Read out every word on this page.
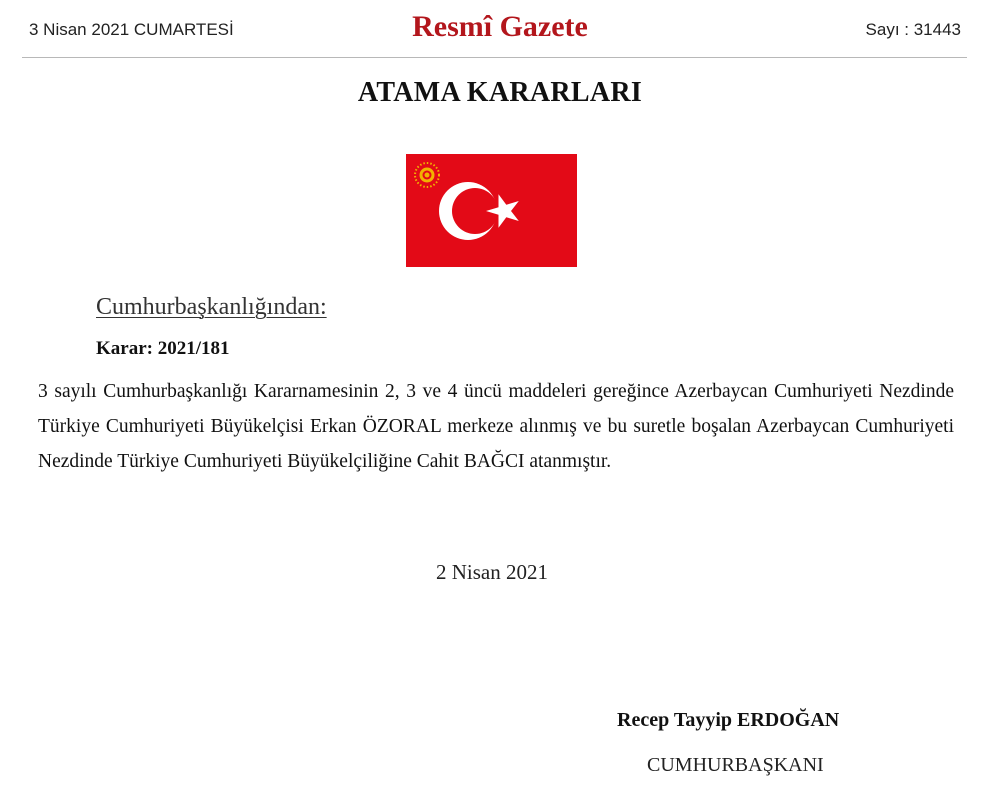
3 Nisan 2021 CUMARTESİ	Resmî Gazete	Sayı : 31443
ATAMA KARARLARI
Cumhurbaşkanlığından:
Karar: 2021/181
3 sayılı Cumhurbaşkanlığı Kararnamesinin 2, 3 ve 4 üncü maddeleri gereğince Azerbaycan Cumhuriyeti Nezdinde Türkiye Cumhuriyeti Büyükelçisi Erkan ÖZORAL merkeze alınmış ve bu suretle boşalan Azerbaycan Cumhuriyeti Nezdinde Türkiye Cumhuriyeti Büyükelçiliğine Cahit BAĞCI atanmıştır.
2 Nisan 2021
Recep Tayyip ERDOĞAN
CUMHURBAŞKANI
